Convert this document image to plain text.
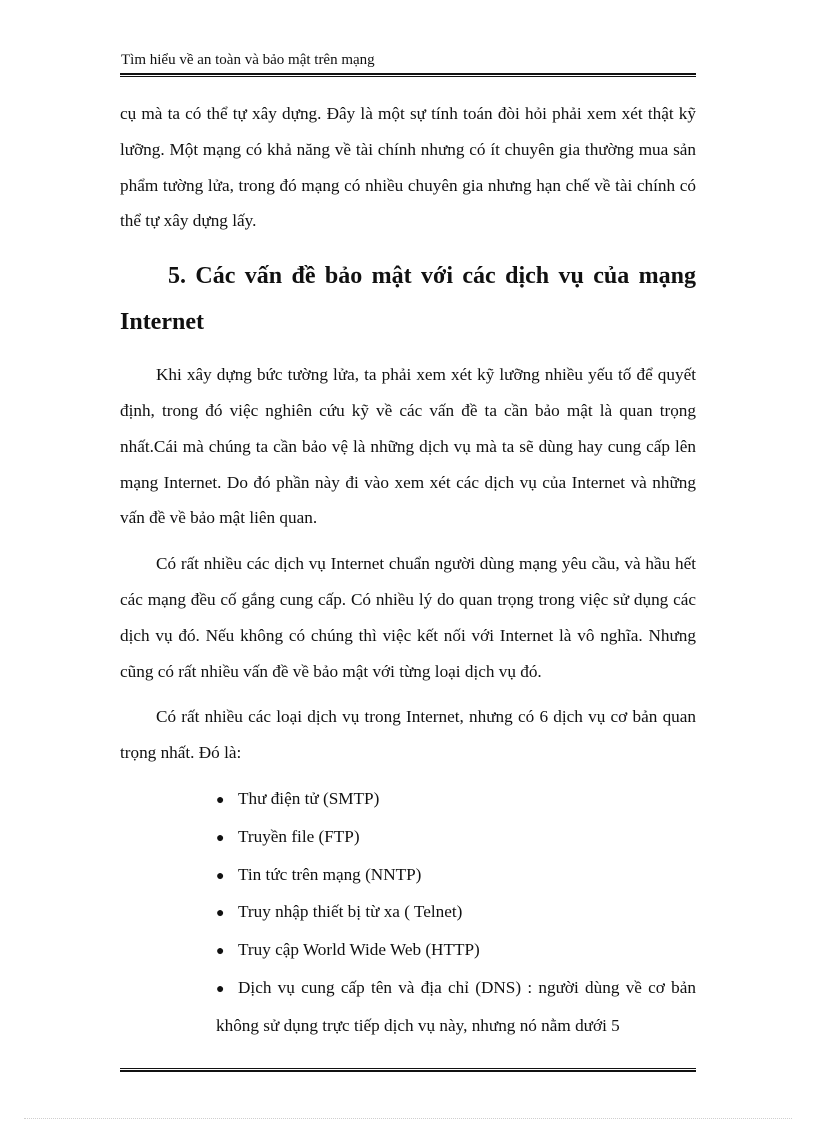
Tìm hiểu về an toàn và bảo mật trên mạng

cụ mà ta có thể tự xây dựng. Đây là một sự tính toán đòi hỏi phải xem xét thật kỹ lưỡng. Một mạng có khả năng về tài chính nhưng có ít chuyên gia thường mua sản phẩm tường lửa, trong đó mạng có nhiều chuyên gia nhưng hạn chế về tài chính có thể tự xây dựng lấy.

5. Các vấn đề bảo mật với các dịch vụ của mạng Internet

Khi xây dựng bức tường lửa, ta phải xem xét kỹ lưỡng nhiều yếu tố để quyết định, trong đó việc nghiên cứu kỹ về các vấn đề ta cần bảo mật là quan trọng nhất.Cái mà chúng ta cần bảo vệ là những dịch vụ mà ta sẽ dùng hay cung cấp lên mạng Internet. Do đó phần này đi vào xem xét các dịch vụ của Internet và những vấn đề về bảo mật liên quan.

Có rất nhiều các dịch vụ Internet chuẩn người dùng mạng yêu cầu, và hầu hết các mạng đều cố gắng cung cấp. Có nhiều lý do quan trọng trong việc sử dụng các dịch vụ đó. Nếu không có chúng thì việc kết nối với Internet là vô nghĩa. Nhưng cũng có rất nhiều vấn đề về bảo mật với từng loại dịch vụ đó.

Có rất nhiều các loại dịch vụ trong Internet, nhưng có 6 dịch vụ cơ bản quan trọng nhất. Đó là:

● Thư điện tử (SMTP)
● Truyền file (FTP)
● Tin tức trên mạng (NNTP)
● Truy nhập thiết bị từ xa ( Telnet)
● Truy cập World Wide Web (HTTP)
● Dịch vụ cung cấp tên và địa chỉ (DNS) : người dùng về cơ bản không sử dụng trực tiếp dịch vụ này, nhưng nó nằm dưới 5
